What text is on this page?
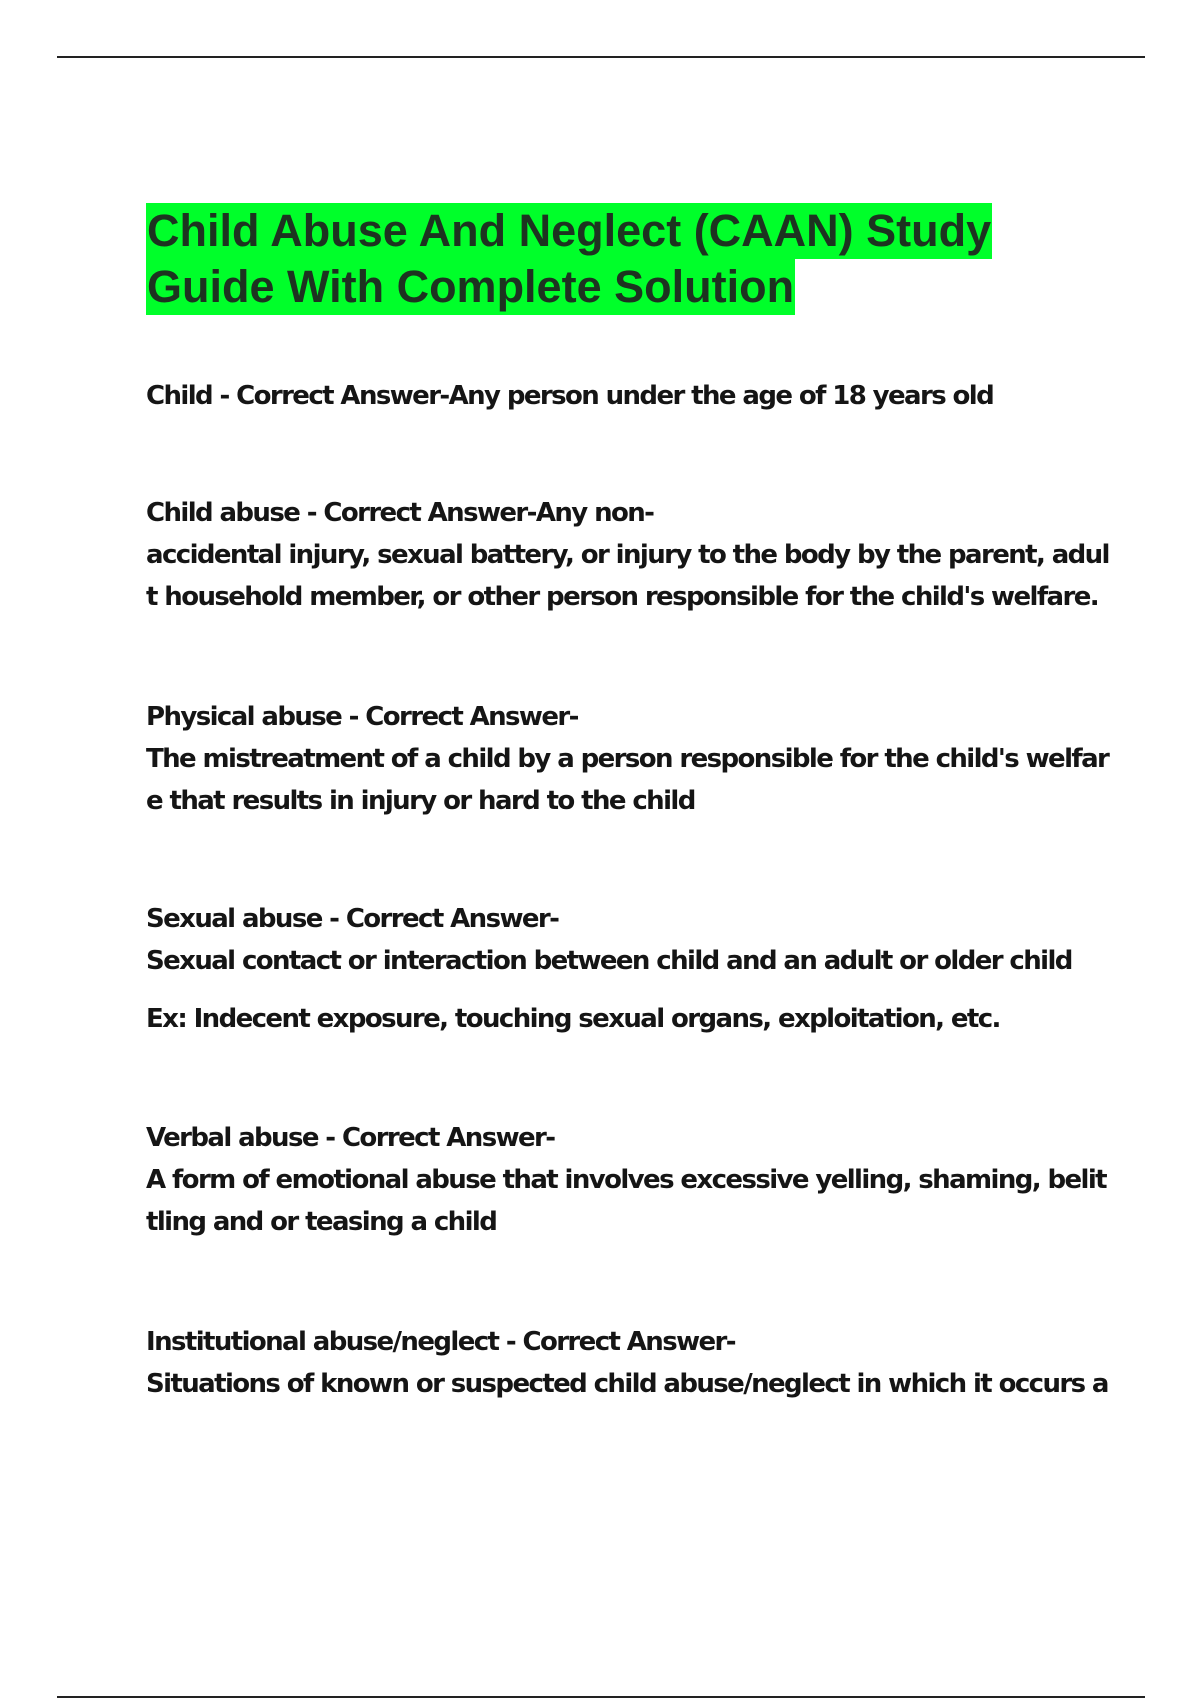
Child Abuse And Neglect (CAAN) Study
Guide With Complete Solution

Child - Correct Answer-Any person under the age of 18 years old

Child abuse - Correct Answer-Any non-

accidental injury, sexual battery, or injury to the body by the parent, adul

t household member, or other person responsible for the child's welfare.

Physical abuse - Correct Answer-

The mistreatment of a child by a person responsible for the child's welfar

e that results in injury or hard to the child

Sexual abuse - Correct Answer-

Sexual contact or interaction between child and an adult or older child

Ex: Indecent exposure, touching sexual organs, exploitation, etc.

Verbal abuse - Correct Answer-

A form of emotional abuse that involves excessive yelling, shaming, belit

tling and or teasing a child

Institutional abuse/neglect - Correct Answer-

Situations of known or suspected child abuse/neglect in which it occurs a
